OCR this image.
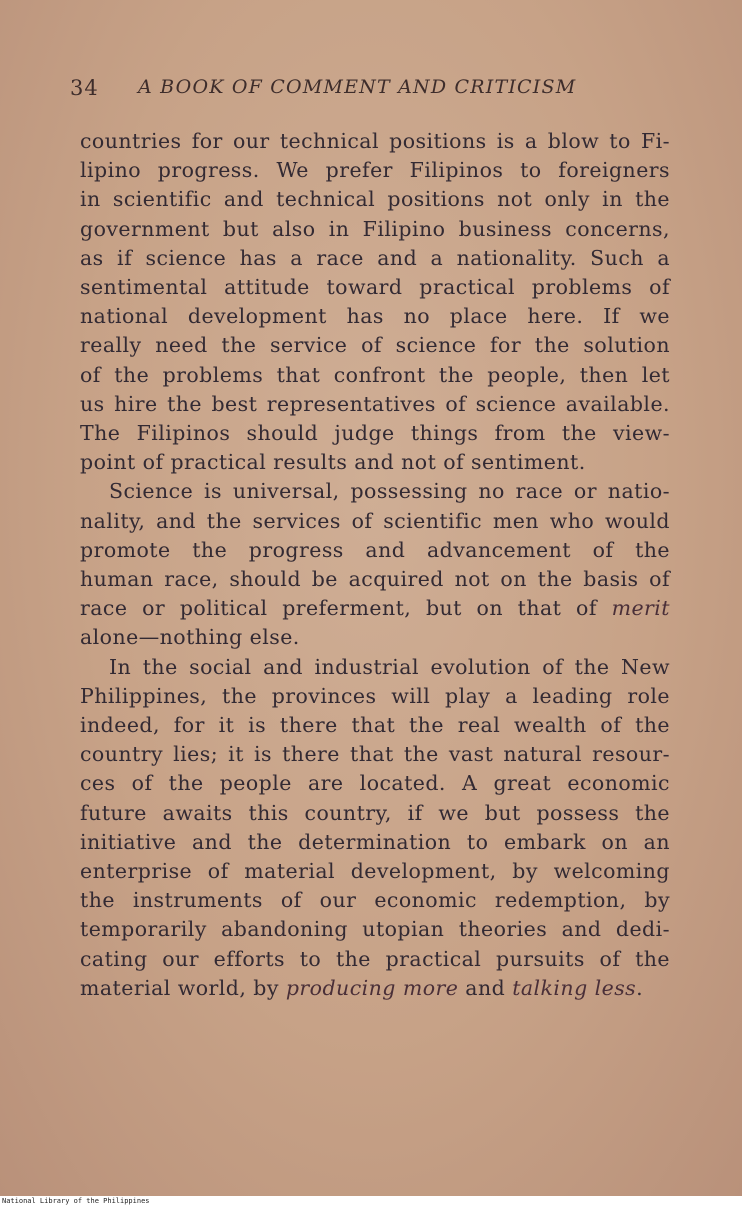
34 A BOOK OF COMMENT AND CRITICISM

countries for our technical positions is a blow to Fi-
lipino progress. We prefer Filipinos to foreigners
in scientific and technical positions not only in the
government but also in Filipino business concerns,
as if science has a race and a nationality. Such a
sentimental attitude toward practical problems of
national development has no place here. If we
really need the service of science for the solution
of the problems that confront the people, then let
us hire the best representatives of science available.
The Filipinos should judge things from the view-
point of practical results and not of sentiment.

Science is universal, possessing no race or natio-
nality, and the services of scientific men who would
promote the progress and advancement of the
human race, should be acquired not on the basis of
race or political preferment, but on that of merit
alone—nothing else.

In the social and industrial evolution of the New
Philippines, the provinces will play a leading role
indeed, for it is there that the real wealth of the
country lies; it is there that the vast natural resour-
ces of the people are located. A great economic
future awaits this country, if we but possess the
initiative and the determination to embark on an
enterprise of material development, by welcoming
the instruments of our economic redemption, by
temporarily abandoning utopian theories and dedi-
cating our efforts to the practical pursuits of the
material world, by producing more and talking less.

National Library of the Philippines
